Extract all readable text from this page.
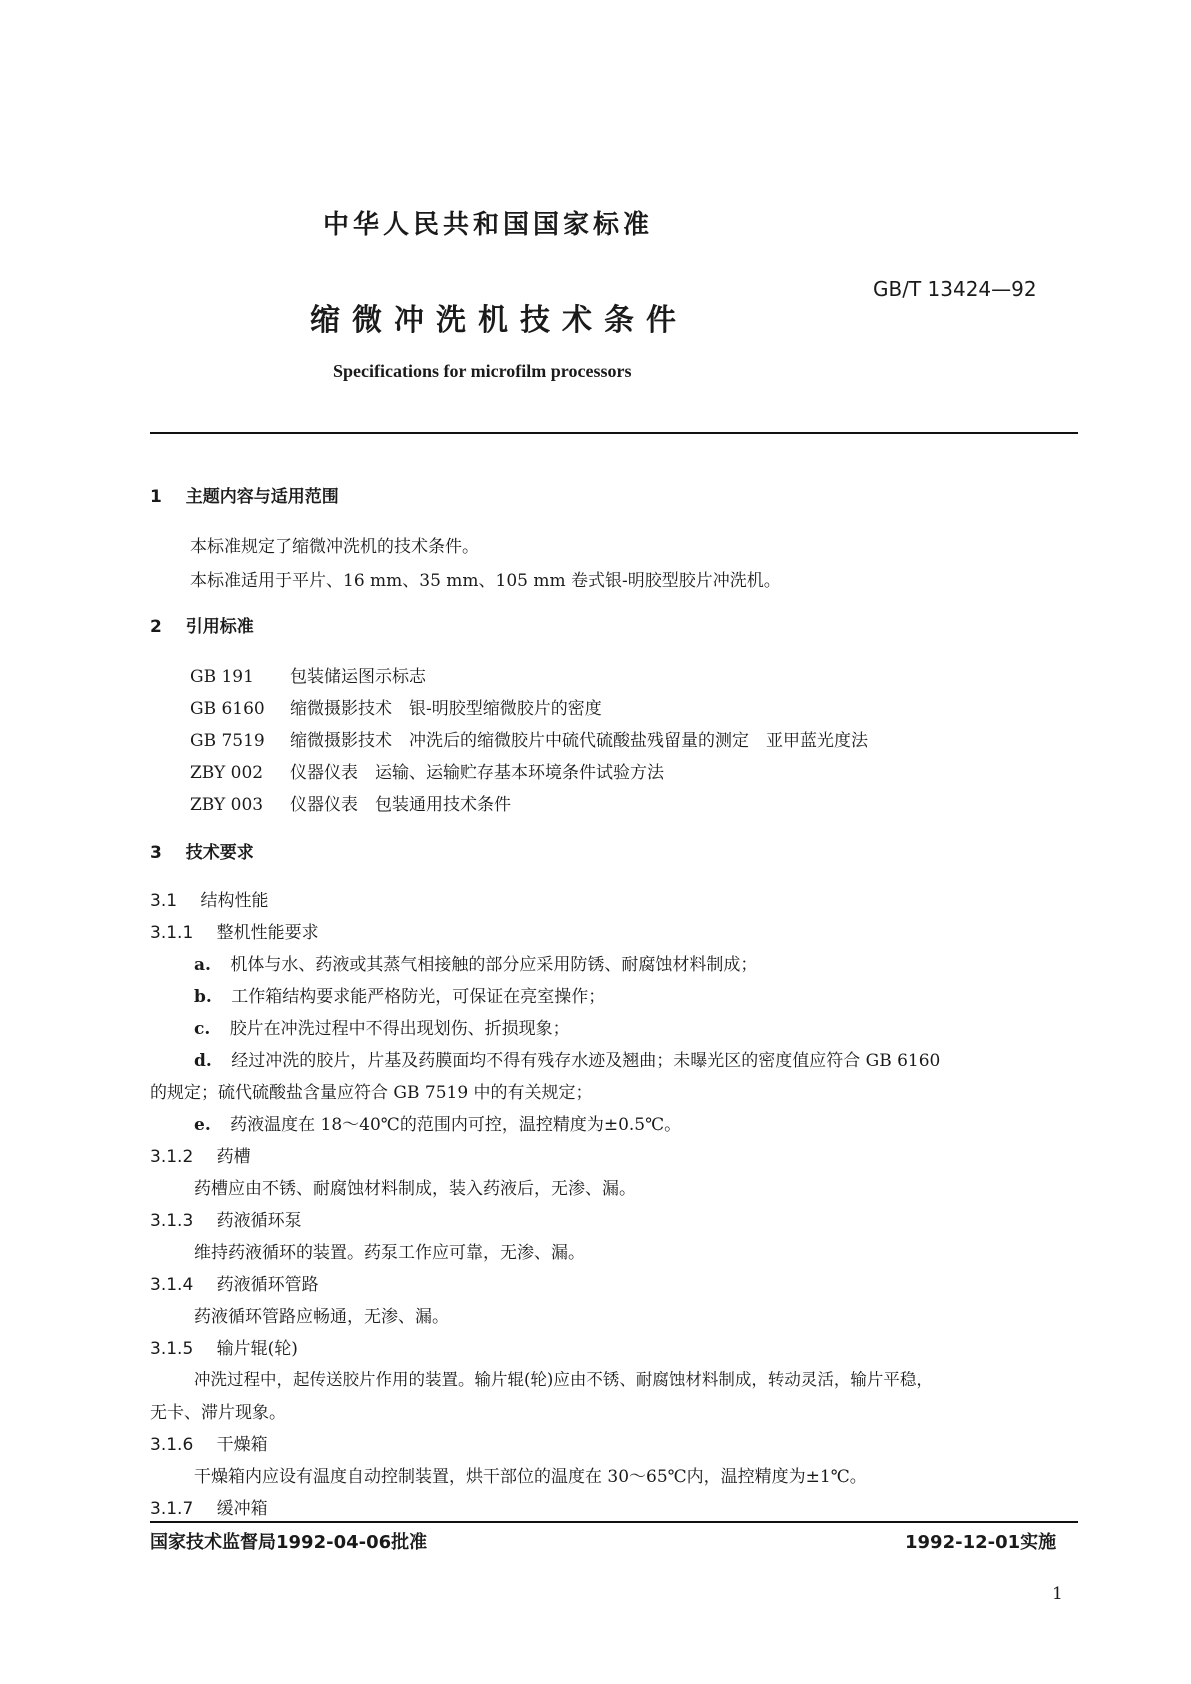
中华人民共和国国家标准
GB/T 13424—92
缩微冲洗机技术条件
Specifications for microfilm processors
1 主题内容与适用范围
本标准规定了缩微冲洗机的技术条件。
本标准适用于平片、16 mm、35 mm、105 mm 卷式银-明胶型胶片冲洗机。
2 引用标准
GB 191 包装储运图示标志
GB 6160 缩微摄影技术　银-明胶型缩微胶片的密度
GB 7519 缩微摄影技术　冲洗后的缩微胶片中硫代硫酸盐残留量的测定　亚甲蓝光度法
ZBY 002 仪器仪表　运输、运输贮存基本环境条件试验方法
ZBY 003 仪器仪表　包装通用技术条件
3 技术要求
3.1 结构性能
3.1.1 整机性能要求
a. 机体与水、药液或其蒸气相接触的部分应采用防锈、耐腐蚀材料制成；
b. 工作箱结构要求能严格防光，可保证在亮室操作；
c. 胶片在冲洗过程中不得出现划伤、折损现象；
d. 经过冲洗的胶片，片基及药膜面均不得有残存水迹及翘曲；未曝光区的密度值应符合 GB 6160
的规定；硫代硫酸盐含量应符合 GB 7519 中的有关规定；
e. 药液温度在 18～40℃的范围内可控，温控精度为±0.5℃。
3.1.2 药槽
药槽应由不锈、耐腐蚀材料制成，装入药液后，无渗、漏。
3.1.3 药液循环泵
维持药液循环的装置。药泵工作应可靠，无渗、漏。
3.1.4 药液循环管路
药液循环管路应畅通，无渗、漏。
3.1.5 输片辊(轮)
冲洗过程中，起传送胶片作用的装置。输片辊(轮)应由不锈、耐腐蚀材料制成，转动灵活，输片平稳，
无卡、滞片现象。
3.1.6 干燥箱
干燥箱内应设有温度自动控制装置，烘干部位的温度在 30～65℃内，温控精度为±1℃。
3.1.7 缓冲箱
国家技术监督局1992-04-06批准	1992-12-01实施
1
